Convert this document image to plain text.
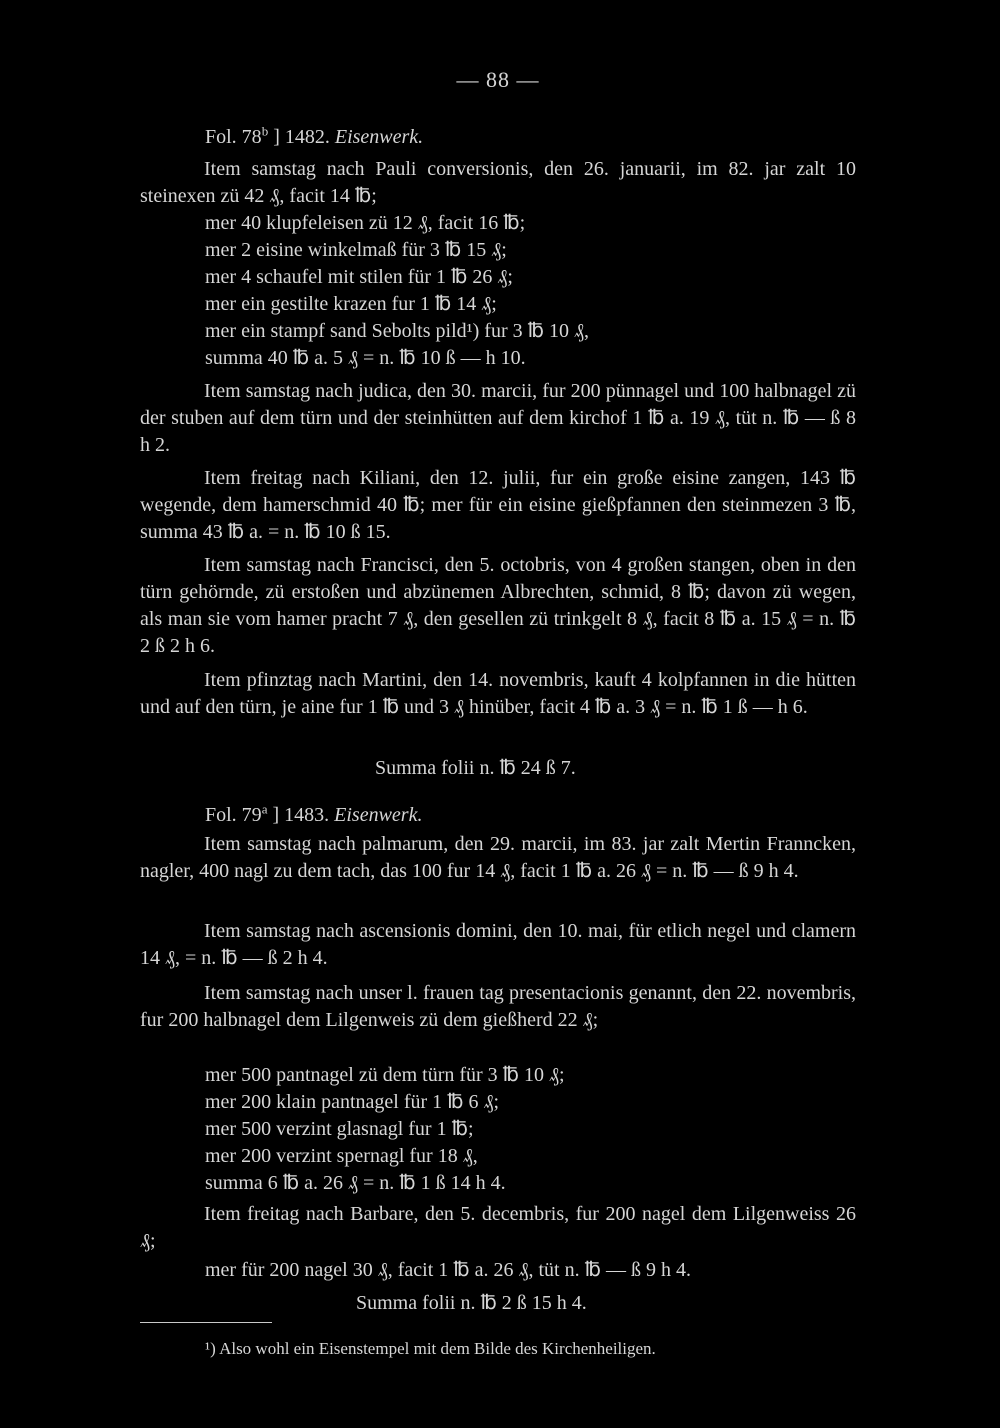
— 88 —
Fol. 78$^b$ ] 1482. Eisenwerk.
Item samstag nach Pauli conversionis, den 26. januarii, im 82. jar zalt 10 steinexen zü 42 ₰, facit 14 ℔;
mer 40 klupfeleisen zü 12 ₰, facit 16 ℔;
mer 2 eisine winkelmaß für 3 ℔ 15 ₰;
mer 4 schaufel mit stilen für 1 ℔ 26 ₰;
mer ein gestilte krazen fur 1 ℔ 14 ₰;
mer ein stampf sand Sebolts pild¹) fur 3 ℔ 10 ₰,
summa 40 ℔ a. 5 ₰ = n. ℔ 10 ß — h 10.
Item samstag nach judica, den 30. marcii, fur 200 pünnagel und 100 halbnagel zü der stuben auf dem türn und der steinhütten auf dem kirchof 1 ℔ a. 19 ₰, tüt n. ℔ — ß 8 h 2.
Item freitag nach Kiliani, den 12. julii, fur ein große eisine zangen, 143 ℔ wegende, dem hamerschmid 40 ℔; mer für ein eisine gießpfannen den steinmezen 3 ℔, summa 43 ℔ a. = n. ℔ 10 ß 15.
Item samstag nach Francisci, den 5. octobris, von 4 großen stangen, oben in den türn gehörnde, zü erstoßen und abzünemen Albrechten, schmid, 8 ℔; davon zü wegen, als man sie vom hamer pracht 7 ₰, den gesellen zü trinkgelt 8 ₰, facit 8 ℔ a. 15 ₰ = n. ℔ 2 ß 2 h 6.
Item pfinztag nach Martini, den 14. novembris, kauft 4 kolpfannen in die hütten und auf den türn, je aine fur 1 ℔ und 3 ₰ hinüber, facit 4 ℔ a. 3 ₰ = n. ℔ 1 ß — h 6.
Summa folii n. ℔ 24 ß 7.
Fol. 79$^a$ ] 1483. Eisenwerk.
Item samstag nach palmarum, den 29. marcii, im 83. jar zalt Mertin Franncken, nagler, 400 nagl zu dem tach, das 100 fur 14 ₰, facit 1 ℔ a. 26 ₰ = n. ℔ — ß 9 h 4.
Item samstag nach ascensionis domini, den 10. mai, für etlich negel und clamern 14 ₰, = n. ℔ — ß 2 h 4.
Item samstag nach unser l. frauen tag presentacionis genannt, den 22. novembris, fur 200 halbnagel dem Lilgenweis zü dem gießherd 22 ₰;
mer 500 pantnagel zü dem türn für 3 ℔ 10 ₰;
mer 200 klain pantnagel für 1 ℔ 6 ₰;
mer 500 verzint glasnagl fur 1 ℔;
mer 200 verzint spernagl fur 18 ₰,
summa 6 ℔ a. 26 ₰ = n. ℔ 1 ß 14 h 4.
Item freitag nach Barbare, den 5. decembris, fur 200 nagel dem Lilgenweiss 26 ₰;
mer für 200 nagel 30 ₰, facit 1 ℔ a. 26 ₰, tüt n. ℔ — ß 9 h 4.
Summa folii n. ℔ 2 ß 15 h 4.
¹) Also wohl ein Eisenstempel mit dem Bilde des Kirchenheiligen.
